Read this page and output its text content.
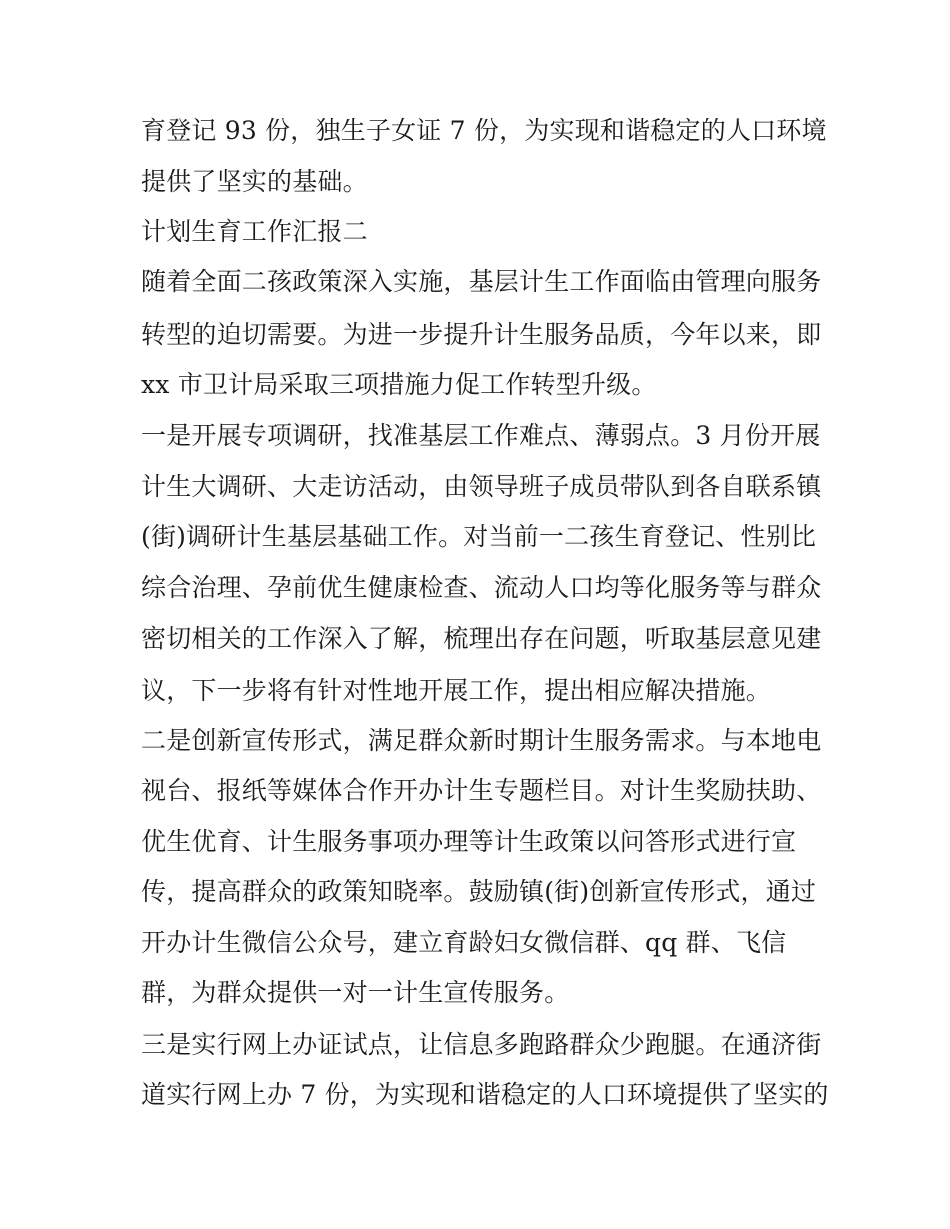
育登记 93 份，独生子女证 7 份，为实现和谐稳定的人口环境
提供了坚实的基础。
计划生育工作汇报二
随着全面二孩政策深入实施，基层计生工作面临由管理向服务
转型的迫切需要。为进一步提升计生服务品质，今年以来，即
xx 市卫计局采取三项措施力促工作转型升级。
一是开展专项调研，找准基层工作难点、薄弱点。3 月份开展
计生大调研、大走访活动，由领导班子成员带队到各自联系镇
(街)调研计生基层基础工作。对当前一二孩生育登记、性别比
综合治理、孕前优生健康检查、流动人口均等化服务等与群众
密切相关的工作深入了解，梳理出存在问题，听取基层意见建
议，下一步将有针对性地开展工作，提出相应解决措施。
二是创新宣传形式，满足群众新时期计生服务需求。与本地电
视台、报纸等媒体合作开办计生专题栏目。对计生奖励扶助、
优生优育、计生服务事项办理等计生政策以问答形式进行宣
传，提高群众的政策知晓率。鼓励镇(街)创新宣传形式，通过
开办计生微信公众号，建立育龄妇女微信群、qq 群、飞信
群，为群众提供一对一计生宣传服务。
三是实行网上办证试点，让信息多跑路群众少跑腿。在通济街
道实行网上办 7 份，为实现和谐稳定的人口环境提供了坚实的
